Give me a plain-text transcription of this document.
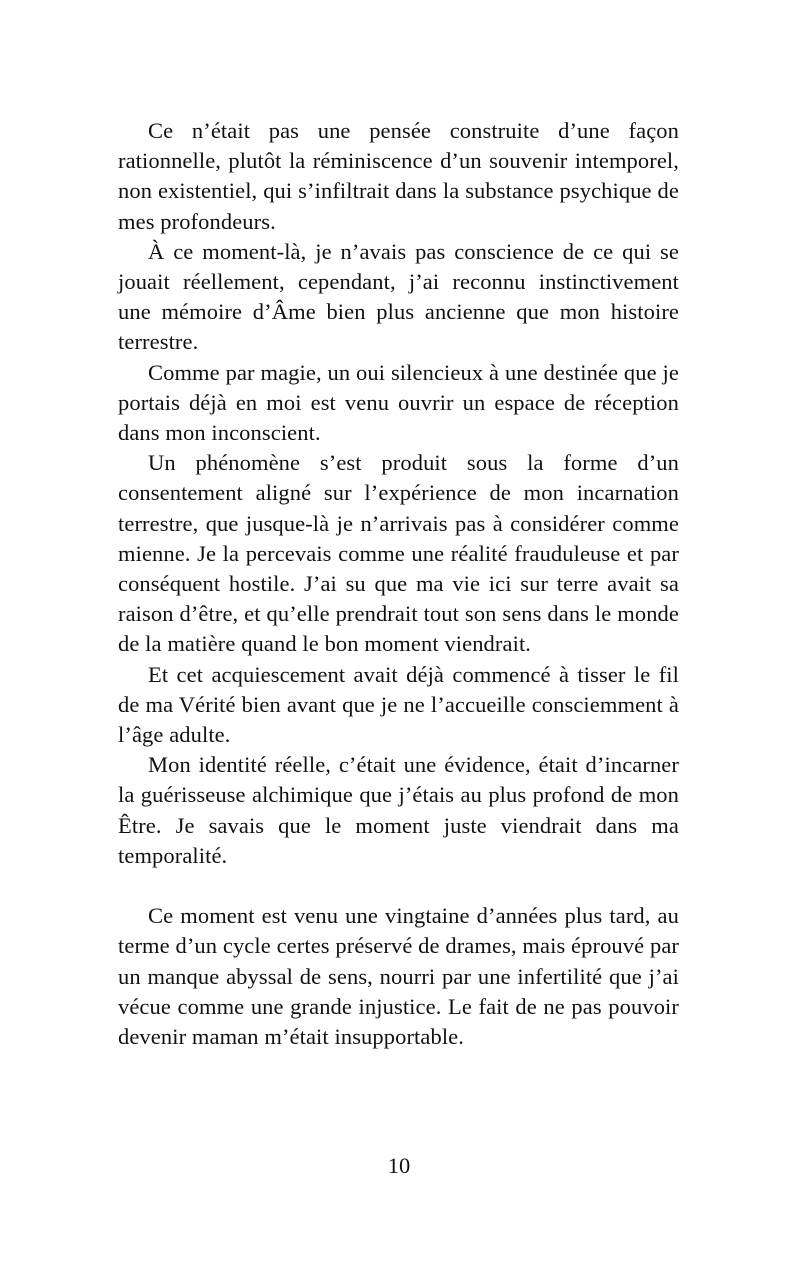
Ce n’était pas une pensée construite d’une façon rationnelle, plutôt la réminiscence d’un souvenir intemporel, non existentiel, qui s’infiltrait dans la substance psychique de mes profondeurs.

À ce moment-là, je n’avais pas conscience de ce qui se jouait réellement, cependant, j’ai reconnu instinctivement une mémoire d’Âme bien plus ancienne que mon histoire terrestre.

Comme par magie, un oui silencieux à une destinée que je portais déjà en moi est venu ouvrir un espace de réception dans mon inconscient.

Un phénomène s’est produit sous la forme d’un consentement aligné sur l’expérience de mon incarnation terrestre, que jusque-là je n’arrivais pas à considérer comme mienne. Je la percevais comme une réalité frauduleuse et par conséquent hostile. J’ai su que ma vie ici sur terre avait sa raison d’être, et qu’elle prendrait tout son sens dans le monde de la matière quand le bon moment viendrait.

Et cet acquiescement avait déjà commencé à tisser le fil de ma Vérité bien avant que je ne l’accueille consciemment à l’âge adulte.

Mon identité réelle, c’était une évidence, était d’incarner la guérisseuse alchimique que j’étais au plus profond de mon Être. Je savais que le moment juste viendrait dans ma temporalité.

Ce moment est venu une vingtaine d’années plus tard, au terme d’un cycle certes préservé de drames, mais éprouvé par un manque abyssal de sens, nourri par une infertilité que j’ai vécue comme une grande injustice. Le fait de ne pas pouvoir devenir maman m’était insupportable.

10
